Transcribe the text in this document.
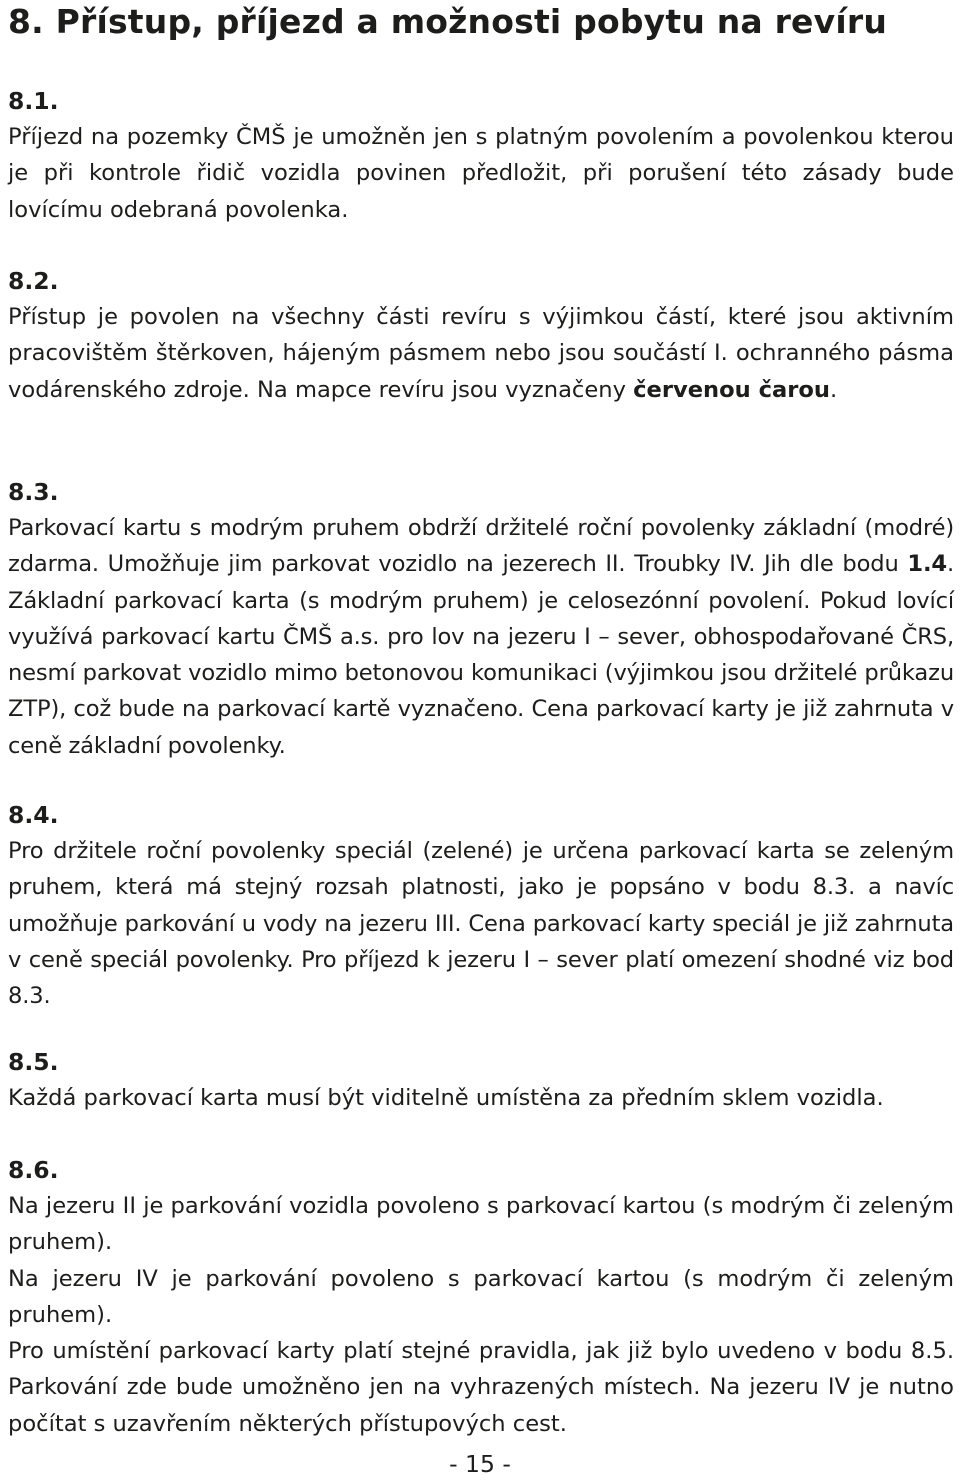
8. Přístup, příjezd a možnosti pobytu na revíru
8.1.

Příjezd na pozemky ČMŠ je umožněn jen s platným povolením a povolenkou kterou je při kontrole řidič vozidla povinen předložit, při porušení této zásady bude lovícímu odebraná povolenka.

8.2.

Přístup je povolen na všechny části revíru s výjimkou částí, které jsou aktivním pracovištěm štěrkoven, hájeným pásmem nebo jsou součástí I. ochranného pásma vodárenského zdroje. Na mapce revíru jsou vyznačeny červenou čarou.

8.3.

Parkovací kartu s modrým pruhem obdrží držitelé roční povolenky základní (modré) zdarma. Umožňuje jim parkovat vozidlo na jezerech II. Troubky IV. Jih dle bodu 1.4. Základní parkovací karta (s modrým pruhem) je celosezónní povolení. Pokud lovící využívá parkovací kartu ČMŠ a.s. pro lov na jezeru I – sever, obhospodařované ČRS, nesmí parkovat vozidlo mimo betonovou komunikaci (výjimkou jsou držitelé průkazu ZTP), což bude na parkovací kartě vyznačeno. Cena parkovací karty je již zahrnuta v ceně základní povolenky.

8.4.

Pro držitele roční povolenky speciál (zelené) je určena parkovací karta se zeleným pruhem, která má stejný rozsah platnosti, jako je popsáno v bodu 8.3. a navíc umožňuje parkování u vody na jezeru III. Cena parkovací karty speciál je již zahrnuta v ceně speciál povolenky. Pro příjezd k jezeru I – sever platí omezení shodné viz bod 8.3.

8.5.

Každá parkovací karta musí být viditelně umístěna za předním sklem vozidla.

8.6.

Na jezeru II je parkování vozidla povoleno s parkovací kartou (s modrým či zeleným pruhem).

Na jezeru IV je parkování povoleno s parkovací kartou (s modrým či zeleným pruhem).

Pro umístění parkovací karty platí stejné pravidla, jak již bylo uvedeno v bodu 8.5. Parkování zde bude umožněno jen na vyhrazených místech. Na jezeru IV je nutno počítat s uzavřením některých přístupových cest.

- 15 -
